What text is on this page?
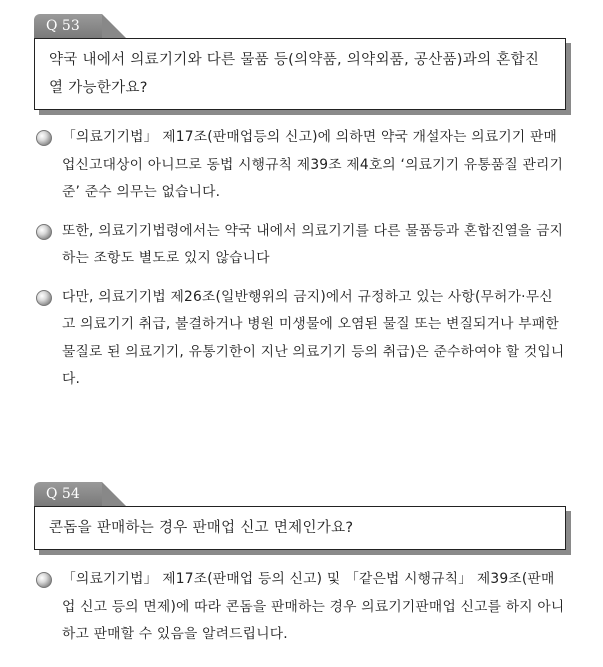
Q 53
약국 내에서 의료기기와 다른 물품 등(의약품, 의약외품, 공산품)과의 혼합진열 가능한가요?
「의료기기법」 제17조(판매업등의 신고)에 의하면 약국 개설자는 의료기기 판매업신고대상이 아니므로 동법 시행규칙 제39조 제4호의 ‘의료기기 유통품질 관리기준’ 준수 의무는 없습니다.
또한, 의료기기법령에서는 약국 내에서 의료기기를 다른 물품등과 혼합진열을 금지하는 조항도 별도로 있지 않습니다
다만, 의료기기법 제26조(일반행위의 금지)에서 규정하고 있는 사항(무허가·무신고 의료기기 취급, 불결하거나 병원 미생물에 오염된 물질 또는 변질되거나 부패한 물질로 된 의료기기, 유통기한이 지난 의료기기 등의 취급)은 준수하여야 할 것입니다.
Q 54
콘돔을 판매하는 경우 판매업 신고 면제인가요?
「의료기기법」 제17조(판매업 등의 신고) 및 「같은법 시행규칙」 제39조(판매업 신고 등의 면제)에 따라 콘돔을 판매하는 경우 의료기기판매업 신고를 하지 아니하고 판매할 수 있음을 알려드립니다.
